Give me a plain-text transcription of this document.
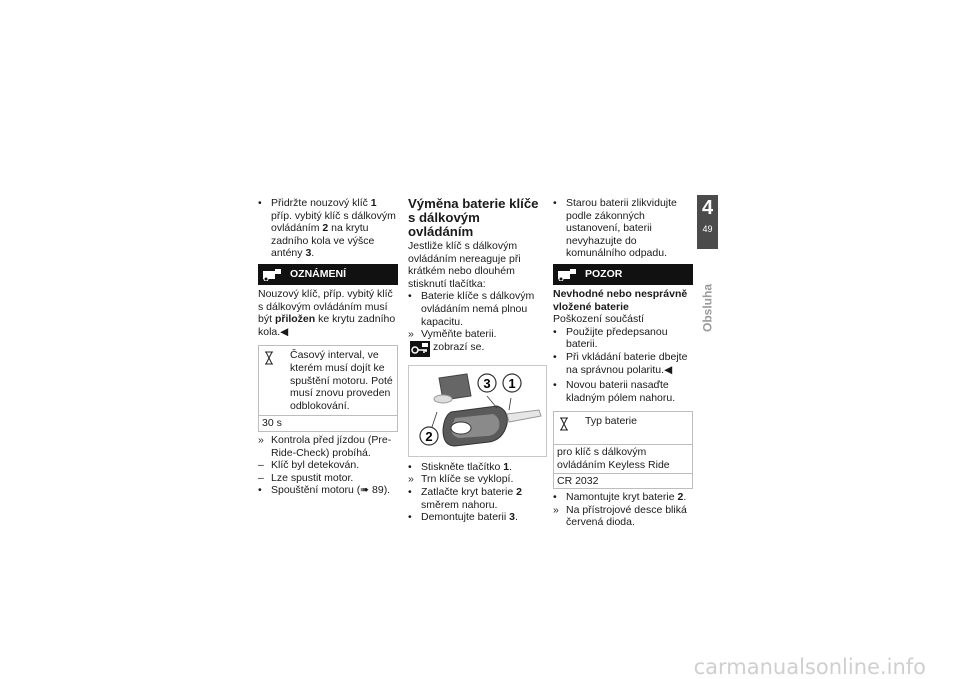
• Přidržte nouzový klíč 1 příp. vybitý klíč s dálkovým ovládáním 2 na krytu zadního kola ve výšce antény 3.
OZNÁMENÍ

Nouzový klíč, příp. vybitý klíč s dálkovým ovládáním musí být přiložen ke krytu zadního kola.◀

Časový interval, ve kterém musí dojít ke spuštění motoru. Poté musí znovu proveden odblokování.

30 s
» Kontrola před jízdou (Pre-Ride-Check) probíhá.
– Klíč byl detekován.
– Lze spustit motor.
• Spouštění motoru (➠ 89).
Výměna baterie klíče s dálkovým ovládáním

Jestliže klíč s dálkovým ovládáním nereaguje při krátkém nebo dlouhém stisknutí tlačítka:

• Baterie klíče s dálkovým ovládáním nemá plnou kapacitu.
» Vyměňte baterii.
zobrazí se.
3 1
2
• Stiskněte tlačítko 1.
» Trn klíče se vyklopí.
• Zatlačte kryt baterie 2 směrem nahoru.
• Demontujte baterii 3.
• Starou baterii zlikvidujte podle zákonných ustanovení, baterii nevyhazujte do komunálního odpadu.
POZOR

Nevhodné nebo nesprávně vložené baterie

Poškození součástí

• Použijte předepsanou baterii.
• Při vkládání baterie dbejte na správnou polaritu.◀
• Novou baterii nasaďte kladným pólem nahoru.

Typ baterie

pro klíč s dálkovým ovládáním Keyless Ride
CR 2032
• Namontujte kryt baterie 2.
» Na přístrojové desce bliká červená dioda.
4
49
Obsluha
carmanualsonline.info
